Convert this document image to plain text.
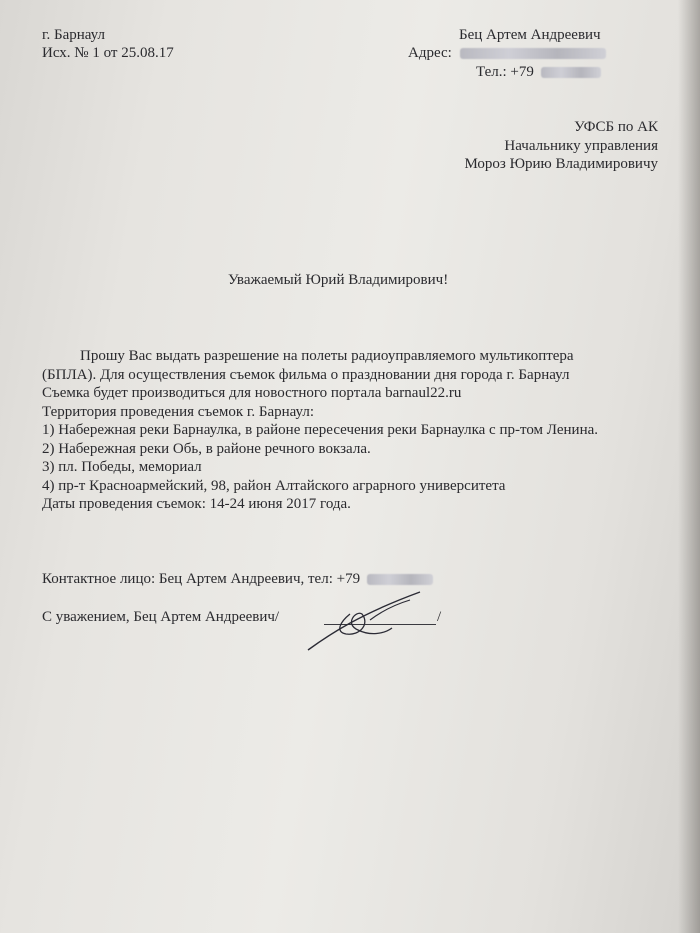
г. Барнаул
Исх. № 1 от 25.08.17
Бец Артем Андреевич
Адрес:
Тел.: +79
УФСБ по АК
Начальнику управления
Мороз Юрию Владимировичу
Уважаемый Юрий Владимирович!
Прошу Вас выдать разрешение на полеты радиоуправляемого мультикоптера
(БПЛА). Для осуществления съемок фильма о праздновании дня города г. Барнаул
Съемка будет производиться для новостного портала barnaul22.ru
Территория проведения съемок г. Барнаул:
1) Набережная реки Барнаулка, в районе пересечения реки Барнаулка с пр-том Ленина.
2) Набережная реки Обь, в районе речного вокзала.
3) пл. Победы, мемориал
4) пр-т Красноармейский, 98, район Алтайского аграрного университета
Даты проведения съемок: 14-24 июня 2017 года.
Контактное лицо: Бец Артем Андреевич, тел: +79
С уважением, Бец Артем Андреевич/	/
